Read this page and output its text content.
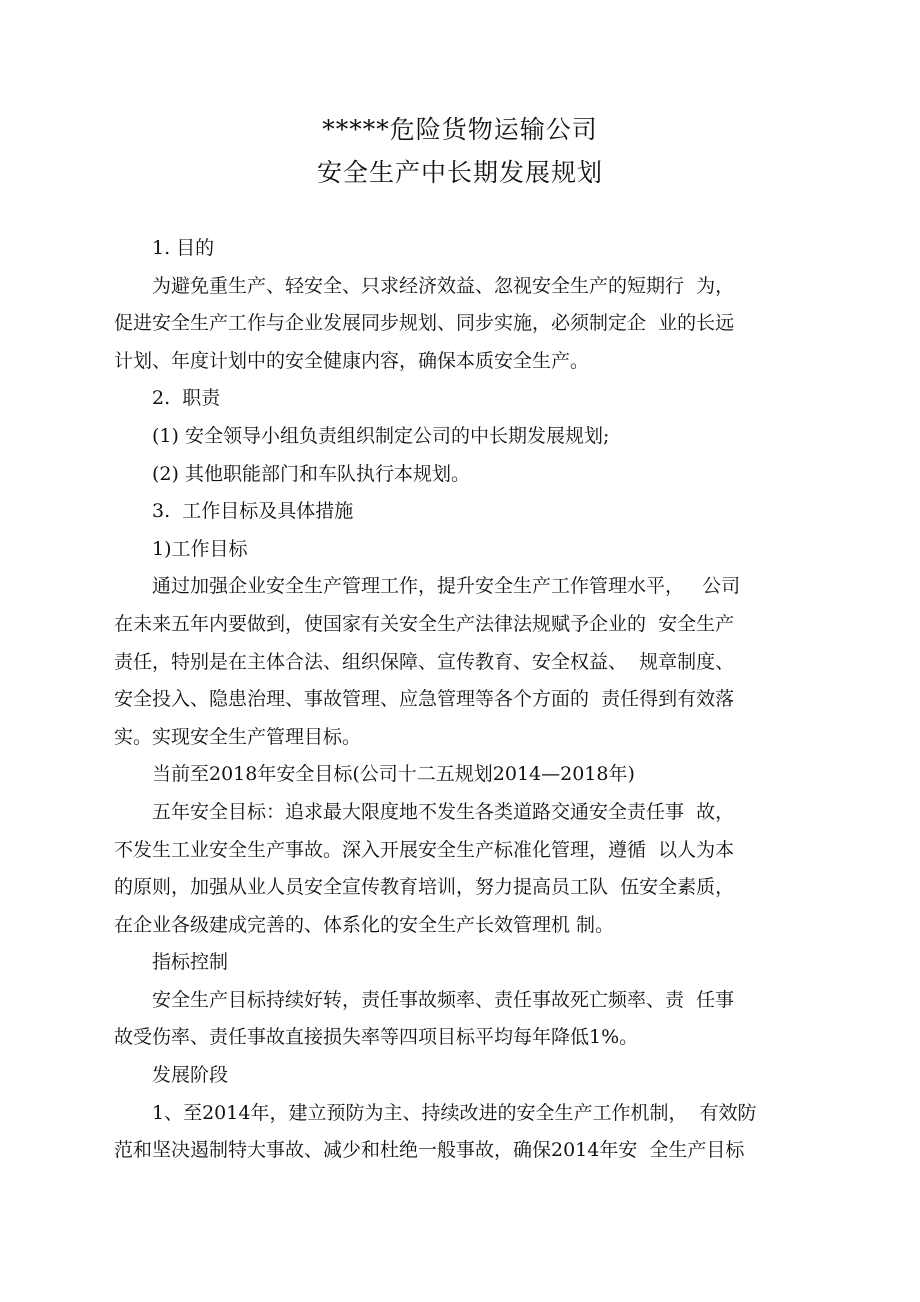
*****危险货物运输公司
安全生产中长期发展规划
1. 目的
为避免重生产、轻安全、只求经济效益、忽视安全生产的短期行  为，
促进安全生产工作与企业发展同步规划、同步实施，必须制定企  业的长远
计划、年度计划中的安全健康内容，确保本质安全生产。
2.  职责
(1) 安全领导小组负责组织制定公司的中长期发展规划;
(2) 其他职能部门和车队执行本规划。
3.  工作目标及具体措施
1)工作目标
通过加强企业安全生产管理工作，提升安全生产工作管理水平，   公司
在未来五年内要做到，使国家有关安全生产法律法规赋予企业的  安全生产
责任，特别是在主体合法、组织保障、宣传教育、安全权益、  规章制度、
安全投入、隐患治理、事故管理、应急管理等各个方面的  责任得到有效落
实。实现安全生产管理目标。
当前至2018年安全目标(公司十二五规划2014—2018年)
五年安全目标：追求最大限度地不发生各类道路交通安全责任事  故，
不发生工业安全生产事故。深入开展安全生产标准化管理，遵循  以人为本
的原则，加强从业人员安全宣传教育培训，努力提高员工队  伍安全素质，
在企业各级建成完善的、体系化的安全生产长效管理机 制。
指标控制
安全生产目标持续好转，责任事故频率、责任事故死亡频率、责  任事
故受伤率、责任事故直接损失率等四项目标平均每年降低1%。
发展阶段
1、至2014年，建立预防为主、持续改进的安全生产工作机制，  有效防
范和坚决遏制特大事故、减少和杜绝一般事故，确保2014年安  全生产目标
